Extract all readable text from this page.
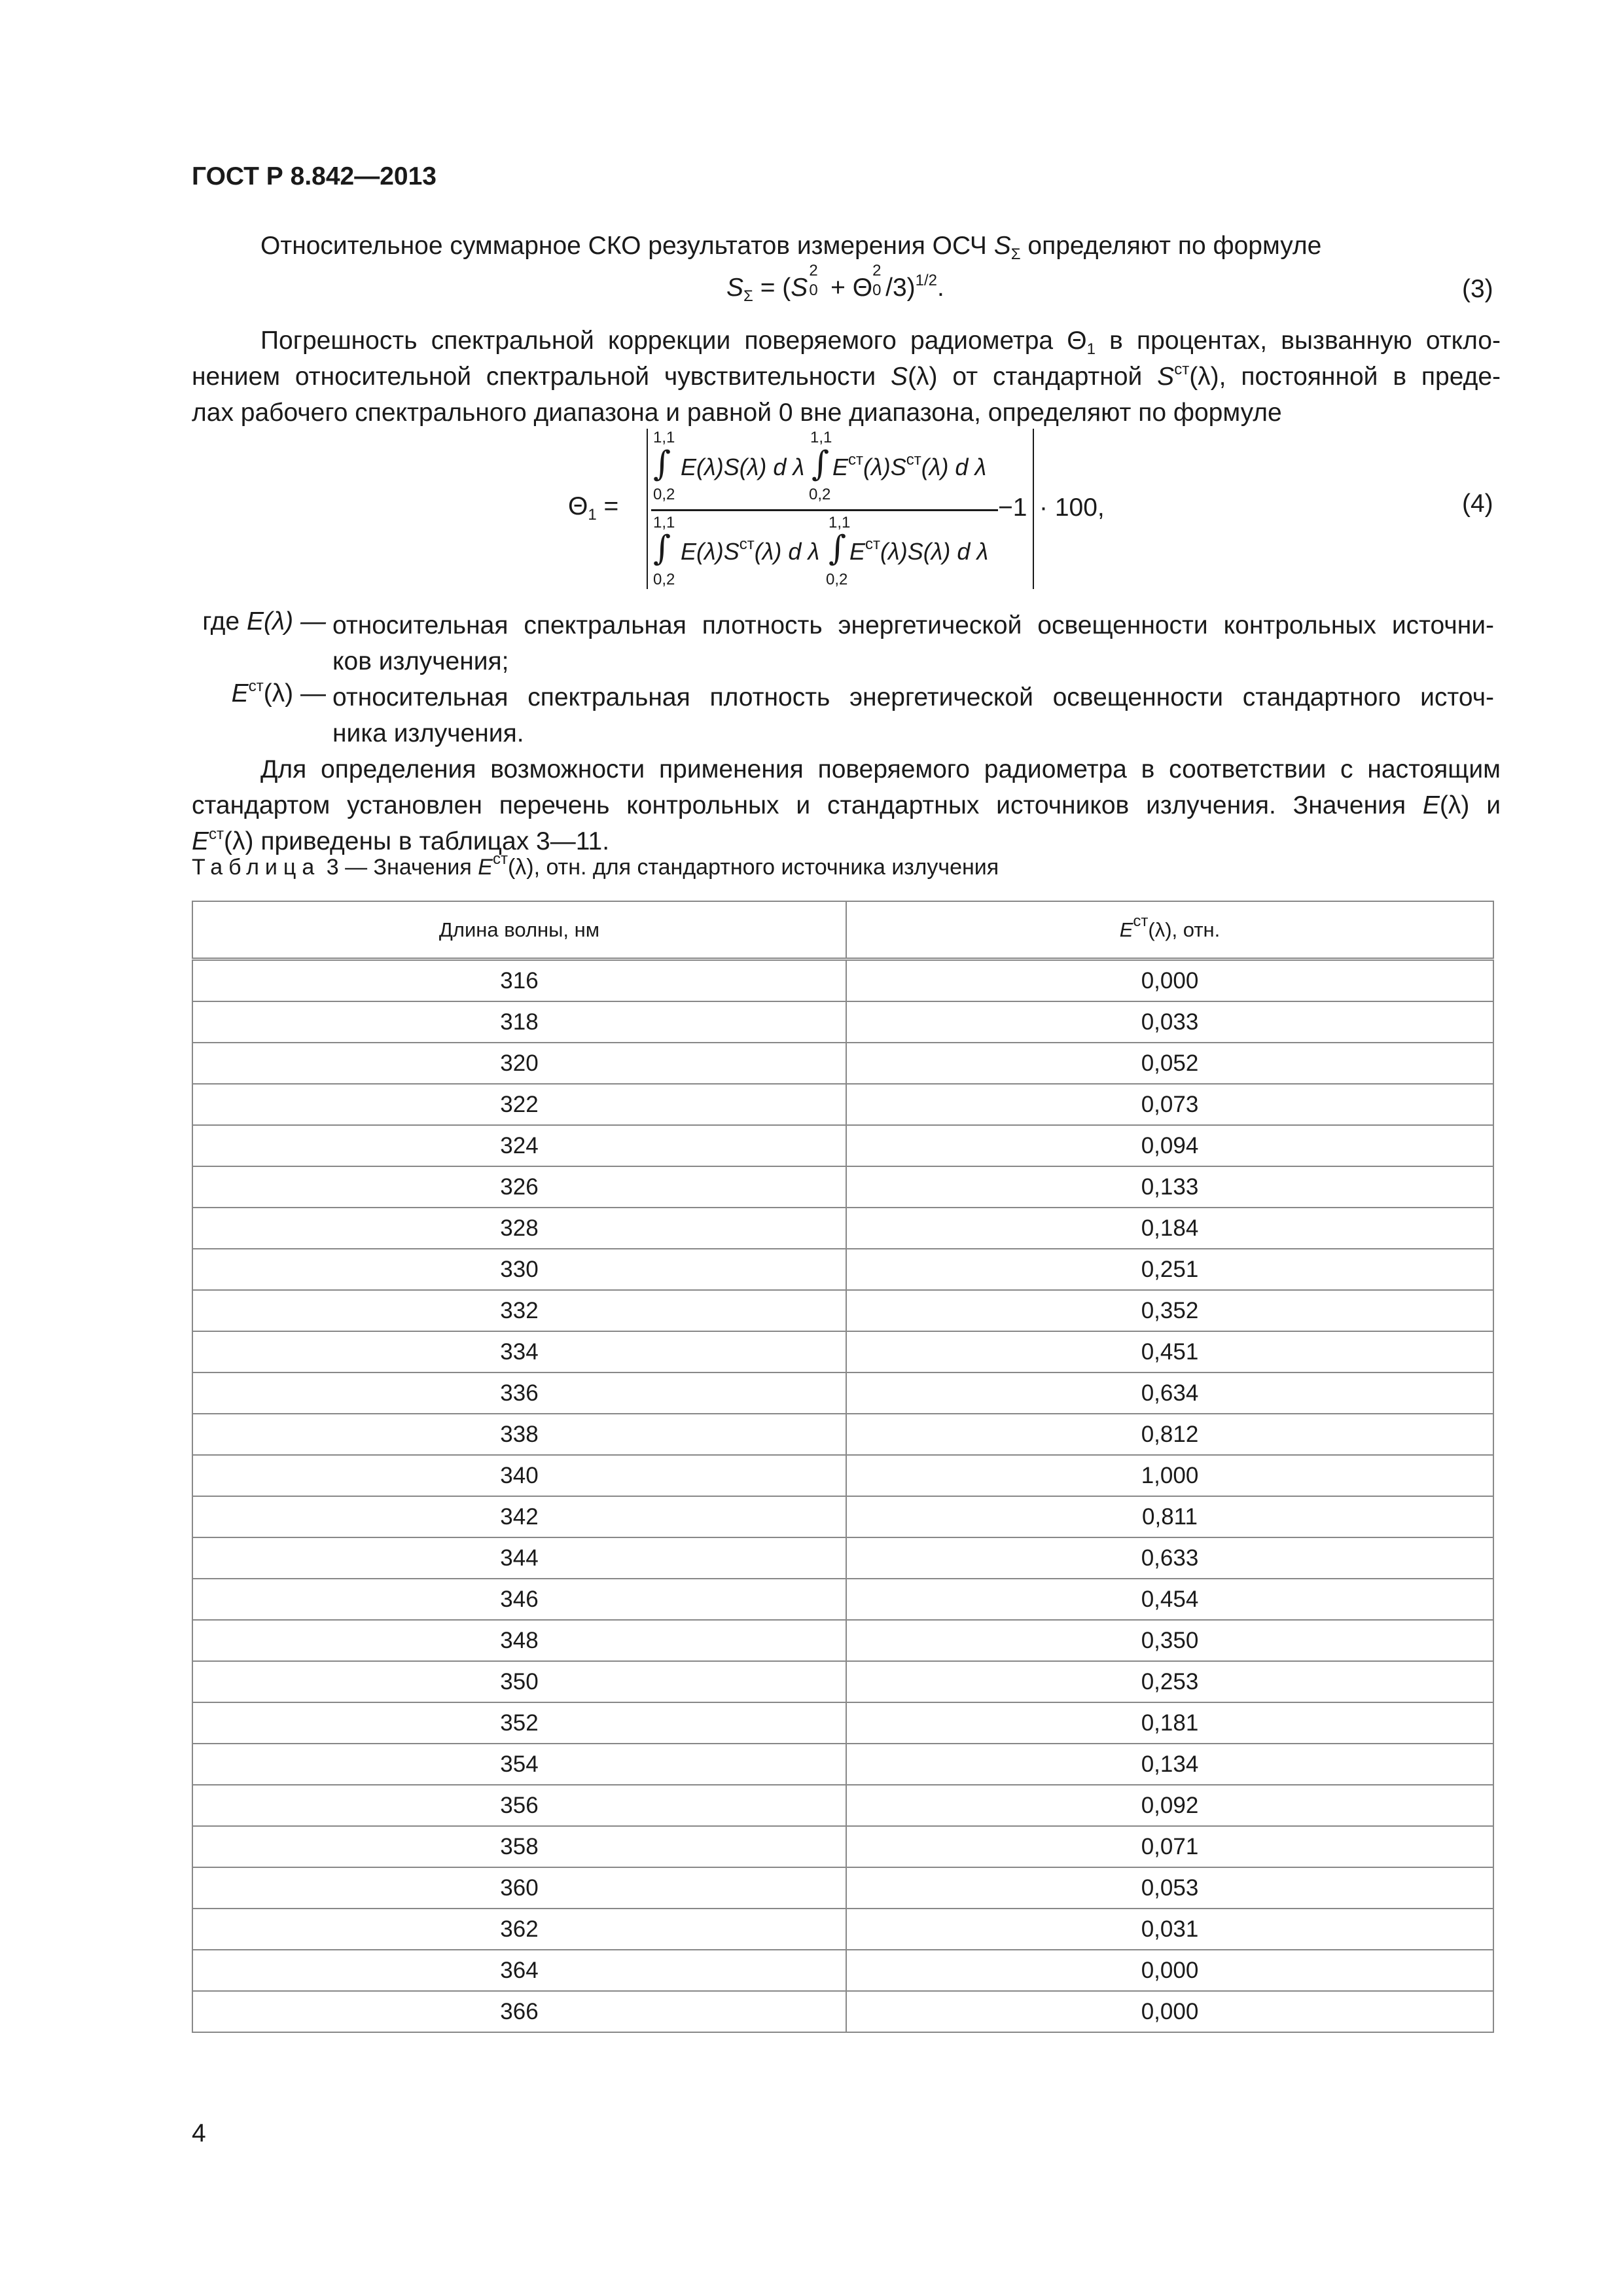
ГОСТ Р 8.842—2013
Относительное суммарное СКО результатов измерения ОСЧ $S_\Sigma$ определяют по формуле
$S_\Sigma = (S$
2
0 + Θ
2
0 /3)$^{1/2}$.	(3)
Погрешность спектральной коррекции поверяемого радиометра $\Theta_1$ в процентах, вызванную откло-
нением относительной спектральной чувствительности S(λ) от стандартной $S^{ст}(\lambda)$, постоянной в преде-
лах рабочего спектрального диапазона и равной 0 вне диапазона, определяют по формуле
$\Theta_1$ =
1,1
∫
0,2
E(λ)S(λ) d λ
1,1
∫
0,2
$E^{ст}(\lambda)S^{ст}(\lambda)$ d λ
1,1
∫
0,2
$E(\lambda)S^{ст}(\lambda)$ d λ
1,1
∫
0,2
$E^{ст}(\lambda)S(\lambda)$ d λ
−1 · 100,	(4)
где E(λ) — относительная спектральная плотность энергетической освещенности контрольных источни-
ков излучения;
$E^{ст}(\lambda)$ — относительная спектральная плотность энергетической освещенности стандартного источ-
ника излучения.
Для определения возможности применения поверяемого радиометра в соответствии с настоящим
стандартом установлен перечень контрольных и стандартных источников излучения. Значения E(λ) и
$E^{ст}(\lambda)$ приведены в таблицах 3—11.
Таблица 3 — Значения $E^{ст}(\lambda)$, отн. для стандартного источника излучения
Длина волны, нм	$E^{ст}(\lambda)$, отн.
316	0,000
318	0,033
320	0,052
322	0,073
324	0,094
326	0,133
328	0,184
330	0,251
332	0,352
334	0,451
336	0,634
338	0,812
340	1,000
342	0,811
344	0,633
346	0,454
348	0,350
350	0,253
352	0,181
354	0,134
356	0,092
358	0,071
360	0,053
362	0,031
364	0,000
366	0,000
4
